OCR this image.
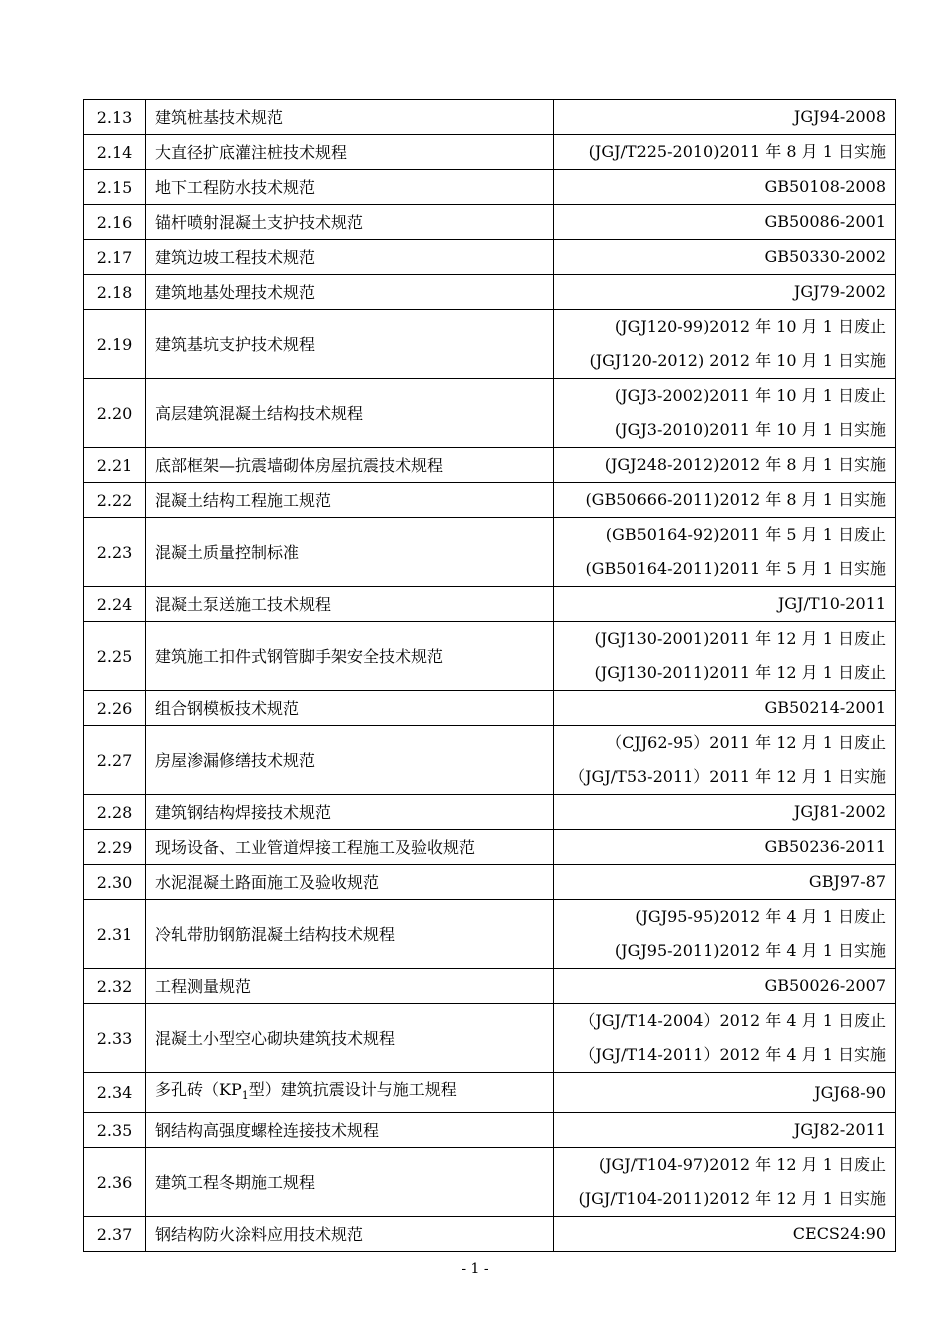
2.13	建筑桩基技术规范	JGJ94-2008

2.14	大直径扩底灌注桩技术规程	(JGJ/T225-2010)2011 年 8 月 1 日实施

2.15	地下工程防水技术规范	GB50108-2008

2.16	锚杆喷射混凝土支护技术规范	GB50086-2001

2.17	建筑边坡工程技术规范	GB50330-2002

2.18	建筑地基处理技术规范	JGJ79-2002

2.19	建筑基坑支护技术规程	(JGJ120-99)2012 年 10 月 1 日废止
(JGJ120-2012) 2012 年 10 月 1 日实施

2.20	高层建筑混凝土结构技术规程	(JGJ3-2002)2011 年 10 月 1 日废止
(JGJ3-2010)2011 年 10 月 1 日实施

2.21	底部框架—抗震墙砌体房屋抗震技术规程	(JGJ248-2012)2012 年 8 月 1 日实施

2.22	混凝土结构工程施工规范	(GB50666-2011)2012 年 8 月 1 日实施

2.23	混凝土质量控制标准	(GB50164-92)2011 年 5 月 1 日废止
(GB50164-2011)2011 年 5 月 1 日实施

2.24	混凝土泵送施工技术规程	JGJ/T10-2011

2.25	建筑施工扣件式钢管脚手架安全技术规范	(JGJ130-2001)2011 年 12 月 1 日废止
(JGJ130-2011)2011 年 12 月 1 日废止

2.26	组合钢模板技术规范	GB50214-2001

2.27	房屋渗漏修缮技术规范	（CJJ62-95）2011 年 12 月 1 日废止
（JGJ/T53-2011）2011 年 12 月 1 日实施

2.28	建筑钢结构焊接技术规范	JGJ81-2002

2.29	现场设备、工业管道焊接工程施工及验收规范	GB50236-2011

2.30	水泥混凝土路面施工及验收规范	GBJ97-87

2.31	冷轧带肋钢筋混凝土结构技术规程	(JGJ95-95)2012 年 4 月 1 日废止
(JGJ95-2011)2012 年 4 月 1 日实施

2.32	工程测量规范	GB50026-2007

2.33	混凝土小型空心砌块建筑技术规程	（JGJ/T14-2004）2012 年 4 月 1 日废止
（JGJ/T14-2011）2012 年 4 月 1 日实施

2.34	多孔砖（$KP_1$型）建筑抗震设计与施工规程	JGJ68-90

2.35	钢结构高强度螺栓连接技术规程	JGJ82-2011

2.36	建筑工程冬期施工规程	(JGJ/T104-97)2012 年 12 月 1 日废止
(JGJ/T104-2011)2012 年 12 月 1 日实施

2.37	钢结构防火涂料应用技术规范	CECS24:90
- 1 -
